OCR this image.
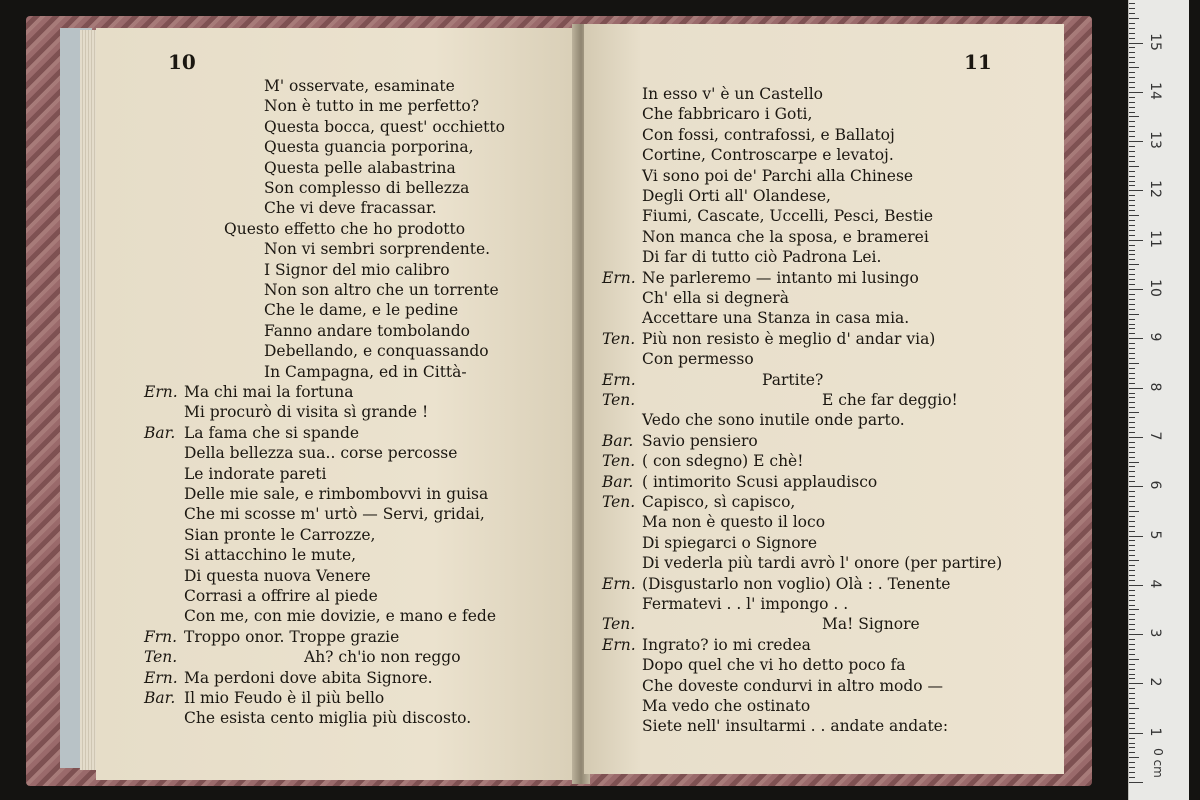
10
M' osservate, esaminate
Non è tutto in me perfetto?
Questa bocca, quest' occhietto
Questa guancia porporina,
Questa pelle alabastrina
Son complesso di bellezza
Che vi deve fracassar.
Questo effetto che ho prodotto
Non vi sembri sorprendente.
I Signor del mio calibro
Non son altro che un torrente
Che le dame, e le pedine
Fanno andare tombolando
Debellando, e conquassando
In Campagna, ed in Città-
Ern. Ma chi mai la fortuna
Mi procurò di visita sì grande !
Bar. La fama che si spande
Della bellezza sua.. corse percosse
Le indorate pareti
Delle mie sale, e rimbombovvi in guisa
Che mi scosse m' urtò — Servi, gridai,
Sian pronte le Carrozze,
Si attacchino le mute,
Di questa nuova Venere
Corrasi a offrire al piede
Con me, con mie dovizie, e mano e fede
Frn. Troppo onor. Troppe grazie
Ten.	Ah? ch'io non reggo
Ern. Ma perdoni dove abita Signore.
Bar. Il mio Feudo è il più bello
Che esista cento miglia più discosto.
11
In esso v' è un Castello
Che fabbricaro i Goti,
Con fossi, contrafossi, e Ballatoj
Cortine, Controscarpe e levatoj.
Vi sono poi de' Parchi alla Chinese
Degli Orti all' Olandese,
Fiumi, Cascate, Uccelli, Pesci, Bestie
Non manca che la sposa, e bramerei
Di far di tutto ciò Padrona Lei.
Ern. Ne parleremo — intanto mi lusingo
Ch' ella si degnerà
Accettare una Stanza in casa mia.
Ten. Più non resisto è meglio d' andar via)
Con permesso
Ern.	Partite?
Ten.	E che far deggio!
Vedo che sono inutile onde parto.
Bar. Savio pensiero
Ten. ( con sdegno) E chè!
Bar. ( intimorito Scusi applaudisco
Ten. Capisco, sì capisco,
Ma non è questo il loco
Di spiegarci o Signore
Di vederla più tardi avrò l' onore (per partire)
Ern. (Disgustarlo non voglio) Olà : . Tenente
Fermatevi . . l' impongo . .
Ten.	Ma! Signore
Ern. Ingrato? io mi credea
Dopo quel che vi ho detto poco fa
Che doveste condurvi in altro modo —
Ma vedo che ostinato
Siete nell' insultarmi . . andate andate:
0 cm
1
2
3
4
5
6
7
8
9
10
11
12
13
14
15
